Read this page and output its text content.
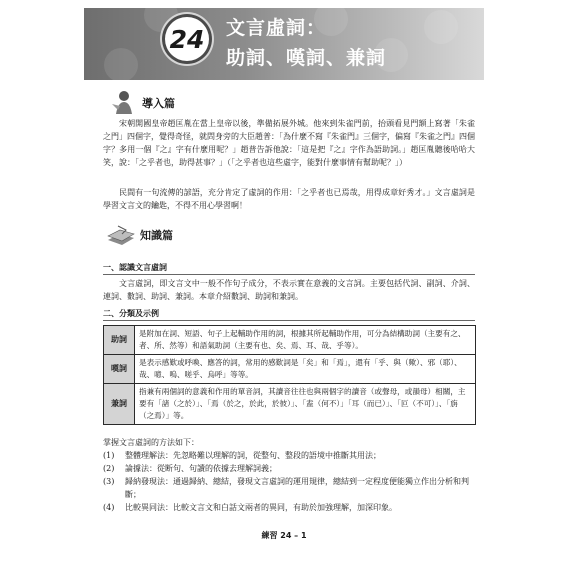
24 文言虛詞：
助詞、嘆詞、兼詞
導入篇
宋朝開國皇帝趙匡胤在當上皇帝以後，準備拓展外城。他來到朱雀門前，抬頭看見門額上寫著「朱雀之門」四個字，覺得奇怪，就問身旁的大臣趙普：「為什麼不寫『朱雀門』三個字，偏寫『朱雀之門』四個字？多用一個『之』字有什麼用呢？」趙普告訴他說：「這是把『之』字作為語助詞。」趙匡胤聽後哈哈大笑，說：「之乎者也，助得甚事？」（「之乎者也這些虛字，能對什麼事情有幫助呢？」）
民間有一句流傳的諺語，充分肯定了虛詞的作用：「之乎者也已焉哉，用得成章好秀才。」文言虛詞是學習文言文的鑰匙，不得不用心學習啊！
知識篇
一、認識文言虛詞
文言虛詞，即文言文中一般不作句子成分，不表示實在意義的文言詞。主要包括代詞、副詞、介詞、連詞、數詞、助詞、兼詞。本章介紹數詞、助詞和兼詞。
二、分類及示例
助詞	是附加在詞、短語、句子上起輔助作用的詞，根據其所起輔助作用，可分為結構助詞（主要有之、者、所、然等）和語氣助詞（主要有也、矣、焉、耳、哉、乎等）。
嘆詞	是表示感歎或呼喚、應答的詞，常用的感歎詞是「矣」和「焉」，還有「乎、與（歟）、邪（耶）、哉、噫、嗚、嗟乎、烏呼」等等。
兼詞	指兼有兩個詞的意義和作用的單音詞，其讀音往往也與兩個字的讀音（或聲母，或韻母）相關，主要有「諸（之於）」、「焉（於之，於此，於彼）」、「盍（何不）」「耳（而已）」、「叵（不可）」、「旃（之焉）」等。
掌握文言虛詞的方法如下：
(1)	整體理解法：先忽略難以理解的詞，從整句、整段的語境中推斷其用法；
(2)	論據法：從断句、句讀的依據去理解詞義；
(3)	歸納發現法：通過歸納、總結，發現文言虛詞的運用規律，總結到一定程度便能獨立作出分析和判斷；
(4)	比較異同法：比較文言文和白話文兩者的異同，有助於加強理解，加深印象。
練習 24 – 1
